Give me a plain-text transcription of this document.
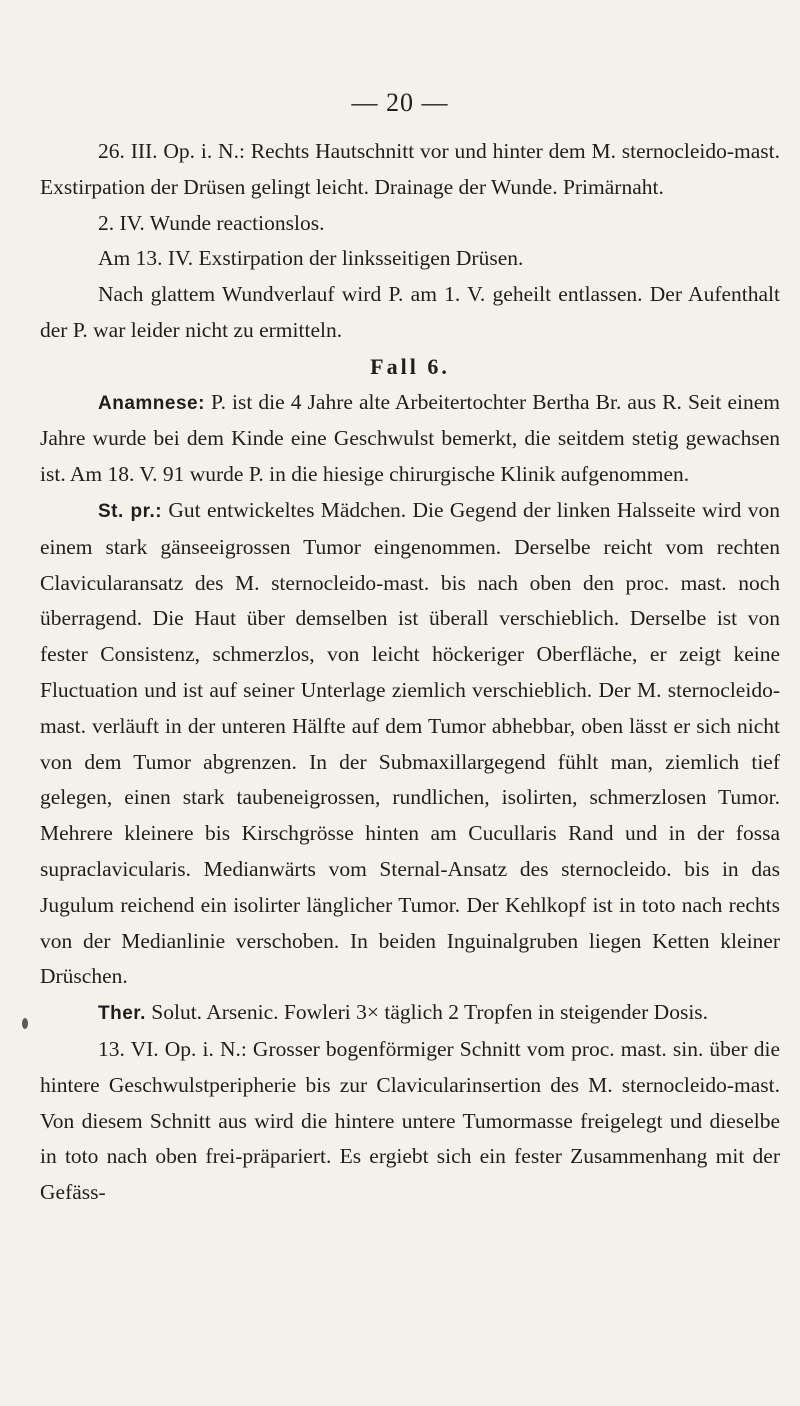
— 20 —

26. III. Op. i. N.: Rechts Hautschnitt vor und hinter dem M. sternocleido-mast. Exstirpation der Drüsen gelingt leicht. Drainage der Wunde. Primärnaht.

2. IV. Wunde reactionslos.

Am 13. IV. Exstirpation der linksseitigen Drüsen.

Nach glattem Wundverlauf wird P. am 1. V. geheilt entlassen. Der Aufenthalt der P. war leider nicht zu ermitteln.

Fall 6.

Anamnese: P. ist die 4 Jahre alte Arbeitertochter Bertha Br. aus R. Seit einem Jahre wurde bei dem Kinde eine Geschwulst bemerkt, die seitdem stetig gewachsen ist. Am 18. V. 91 wurde P. in die hiesige chirurgische Klinik aufgenommen.

St. pr.: Gut entwickeltes Mädchen. Die Gegend der linken Halsseite wird von einem stark gänseeigrossen Tumor eingenommen. Derselbe reicht vom rechten Clavicularansatz des M. sternocleido-mast. bis nach oben den proc. mast. noch überragend. Die Haut über demselben ist überall verschieblich. Derselbe ist von fester Consistenz, schmerzlos, von leicht höckeriger Oberfläche, er zeigt keine Fluctuation und ist auf seiner Unterlage ziemlich verschieblich. Der M. sternocleido-mast. verläuft in der unteren Hälfte auf dem Tumor abhebbar, oben lässt er sich nicht von dem Tumor abgrenzen. In der Submaxillargegend fühlt man, ziemlich tief gelegen, einen stark taubeneigrossen, rundlichen, isolirten, schmerzlosen Tumor. Mehrere kleinere bis Kirschgrösse hinten am Cucullaris Rand und in der fossa supraclavicularis. Medianwärts vom Sternal-Ansatz des sternocleido. bis in das Jugulum reichend ein isolirter länglicher Tumor. Der Kehlkopf ist in toto nach rechts von der Medianlinie verschoben. In beiden Inguinalgruben liegen Ketten kleiner Drüschen.

Ther. Solut. Arsenic. Fowleri 3× täglich 2 Tropfen in steigender Dosis.

13. VI. Op. i. N.: Grosser bogenförmiger Schnitt vom proc. mast. sin. über die hintere Geschwulstperipherie bis zur Clavicularinsertion des M. sternocleido-mast. Von diesem Schnitt aus wird die hintere untere Tumormasse freigelegt und dieselbe in toto nach oben frei-präpariert. Es ergiebt sich ein fester Zusammenhang mit der Gefäss-
